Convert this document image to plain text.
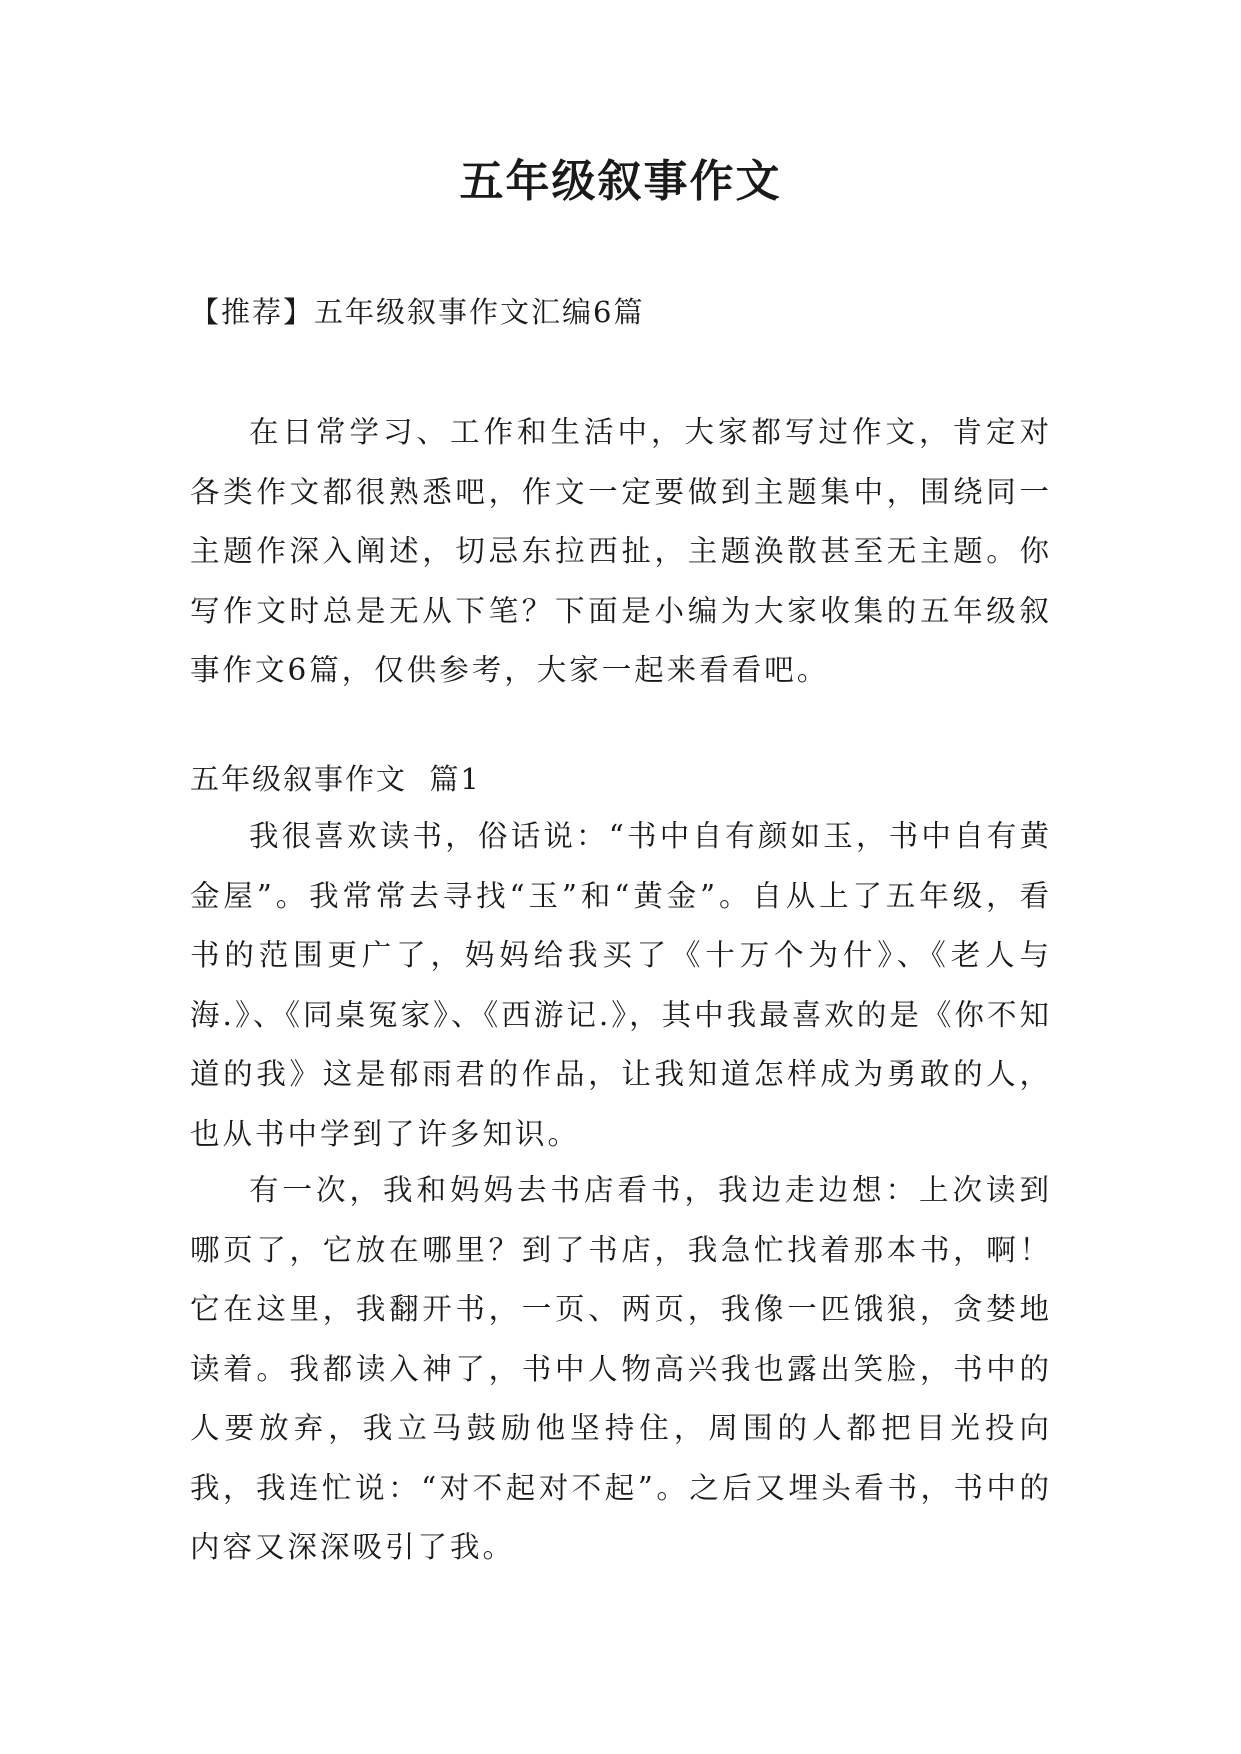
五年级叙事作文

【推荐】五年级叙事作文汇编6篇

在日常学习、工作和生活中，大家都写过作文，肯定对各类作文都很熟悉吧，作文一定要做到主题集中，围绕同一主题作深入阐述，切忌东拉西扯，主题涣散甚至无主题。你写作文时总是无从下笔？下面是小编为大家收集的五年级叙事作文6篇，仅供参考，大家一起来看看吧。

五年级叙事作文  篇1

我很喜欢读书，俗话说：“书中自有颜如玉，书中自有黄金屋”。我常常去寻找“玉”和“黄金”。自从上了五年级，看书的范围更广了，妈妈给我买了《十万个为什》、《老人与海.》、《同桌冤家》、《西游记.》，其中我最喜欢的是《你不知道的我》这是郁雨君的作品，让我知道怎样成为勇敢的人，也从书中学到了许多知识。

有一次，我和妈妈去书店看书，我边走边想：上次读到哪页了，它放在哪里？到了书店，我急忙找着那本书，啊！它在这里，我翻开书，一页、两页，我像一匹饿狼，贪婪地读着。我都读入神了，书中人物高兴我也露出笑脸，书中的人要放弃，我立马鼓励他坚持住，周围的人都把目光投向我，我连忙说：“对不起对不起”。之后又埋头看书，书中的内容又深深吸引了我。
